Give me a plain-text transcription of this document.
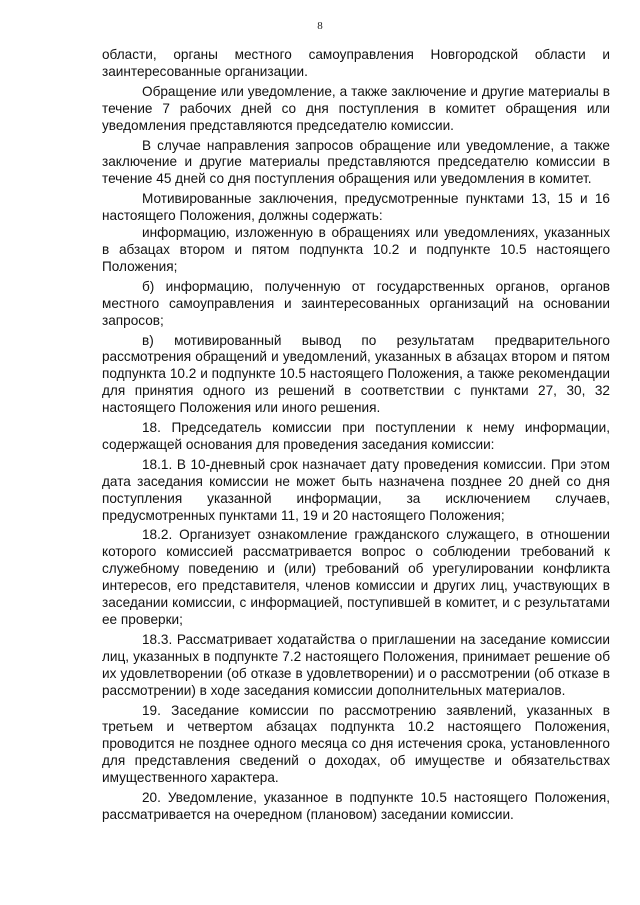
8

области, органы местного самоуправления Новгородской области и заинтересованные организации.

Обращение или уведомление, а также заключение и другие материалы в течение 7 рабочих дней со дня поступления в комитет обращения или уведомления представляются председателю комиссии.

В случае направления запросов обращение или уведомление, а также заключение и другие материалы представляются председателю комиссии в течение 45 дней со дня поступления обращения или уведомления в комитет.

Мотивированные заключения, предусмотренные пунктами 13, 15 и 16 настоящего Положения, должны содержать:

информацию, изложенную в обращениях или уведомлениях, указанных в абзацах втором и пятом подпункта 10.2 и подпункте 10.5 настоящего Положения;

б) информацию, полученную от государственных органов, органов местного самоуправления и заинтересованных организаций на основании запросов;

в) мотивированный вывод по результатам предварительного рассмотрения обращений и уведомлений, указанных в абзацах втором и пятом подпункта 10.2 и подпункте 10.5 настоящего Положения, а также рекомендации для принятия одного из решений в соответствии с пунктами 27, 30, 32 настоящего Положения или иного решения.

18. Председатель комиссии при поступлении к нему информации, содержащей основания для проведения заседания комиссии:

18.1. В 10-дневный срок назначает дату проведения комиссии. При этом дата заседания комиссии не может быть назначена позднее 20 дней со дня поступления указанной информации, за исключением случаев, предусмотренных пунктами 11, 19 и 20 настоящего Положения;

18.2. Организует ознакомление гражданского служащего, в отношении которого комиссией рассматривается вопрос о соблюдении требований к служебному поведению и (или) требований об урегулировании конфликта интересов, его представителя, членов комиссии и других лиц, участвующих в заседании комиссии, с информацией, поступившей в комитет, и с результатами ее проверки;

18.3. Рассматривает ходатайства о приглашении на заседание комиссии лиц, указанных в подпункте 7.2 настоящего Положения, принимает решение об их удовлетворении (об отказе в удовлетворении) и о рассмотрении (об отказе в рассмотрении) в ходе заседания комиссии дополнительных материалов.

19. Заседание комиссии по рассмотрению заявлений, указанных в третьем и четвертом абзацах подпункта 10.2 настоящего Положения, проводится не позднее одного месяца со дня истечения срока, установленного для представления сведений о доходах, об имуществе и обязательствах имущественного характера.

20. Уведомление, указанное в подпункте 10.5 настоящего Положения, рассматривается на очередном (плановом) заседании комиссии.
